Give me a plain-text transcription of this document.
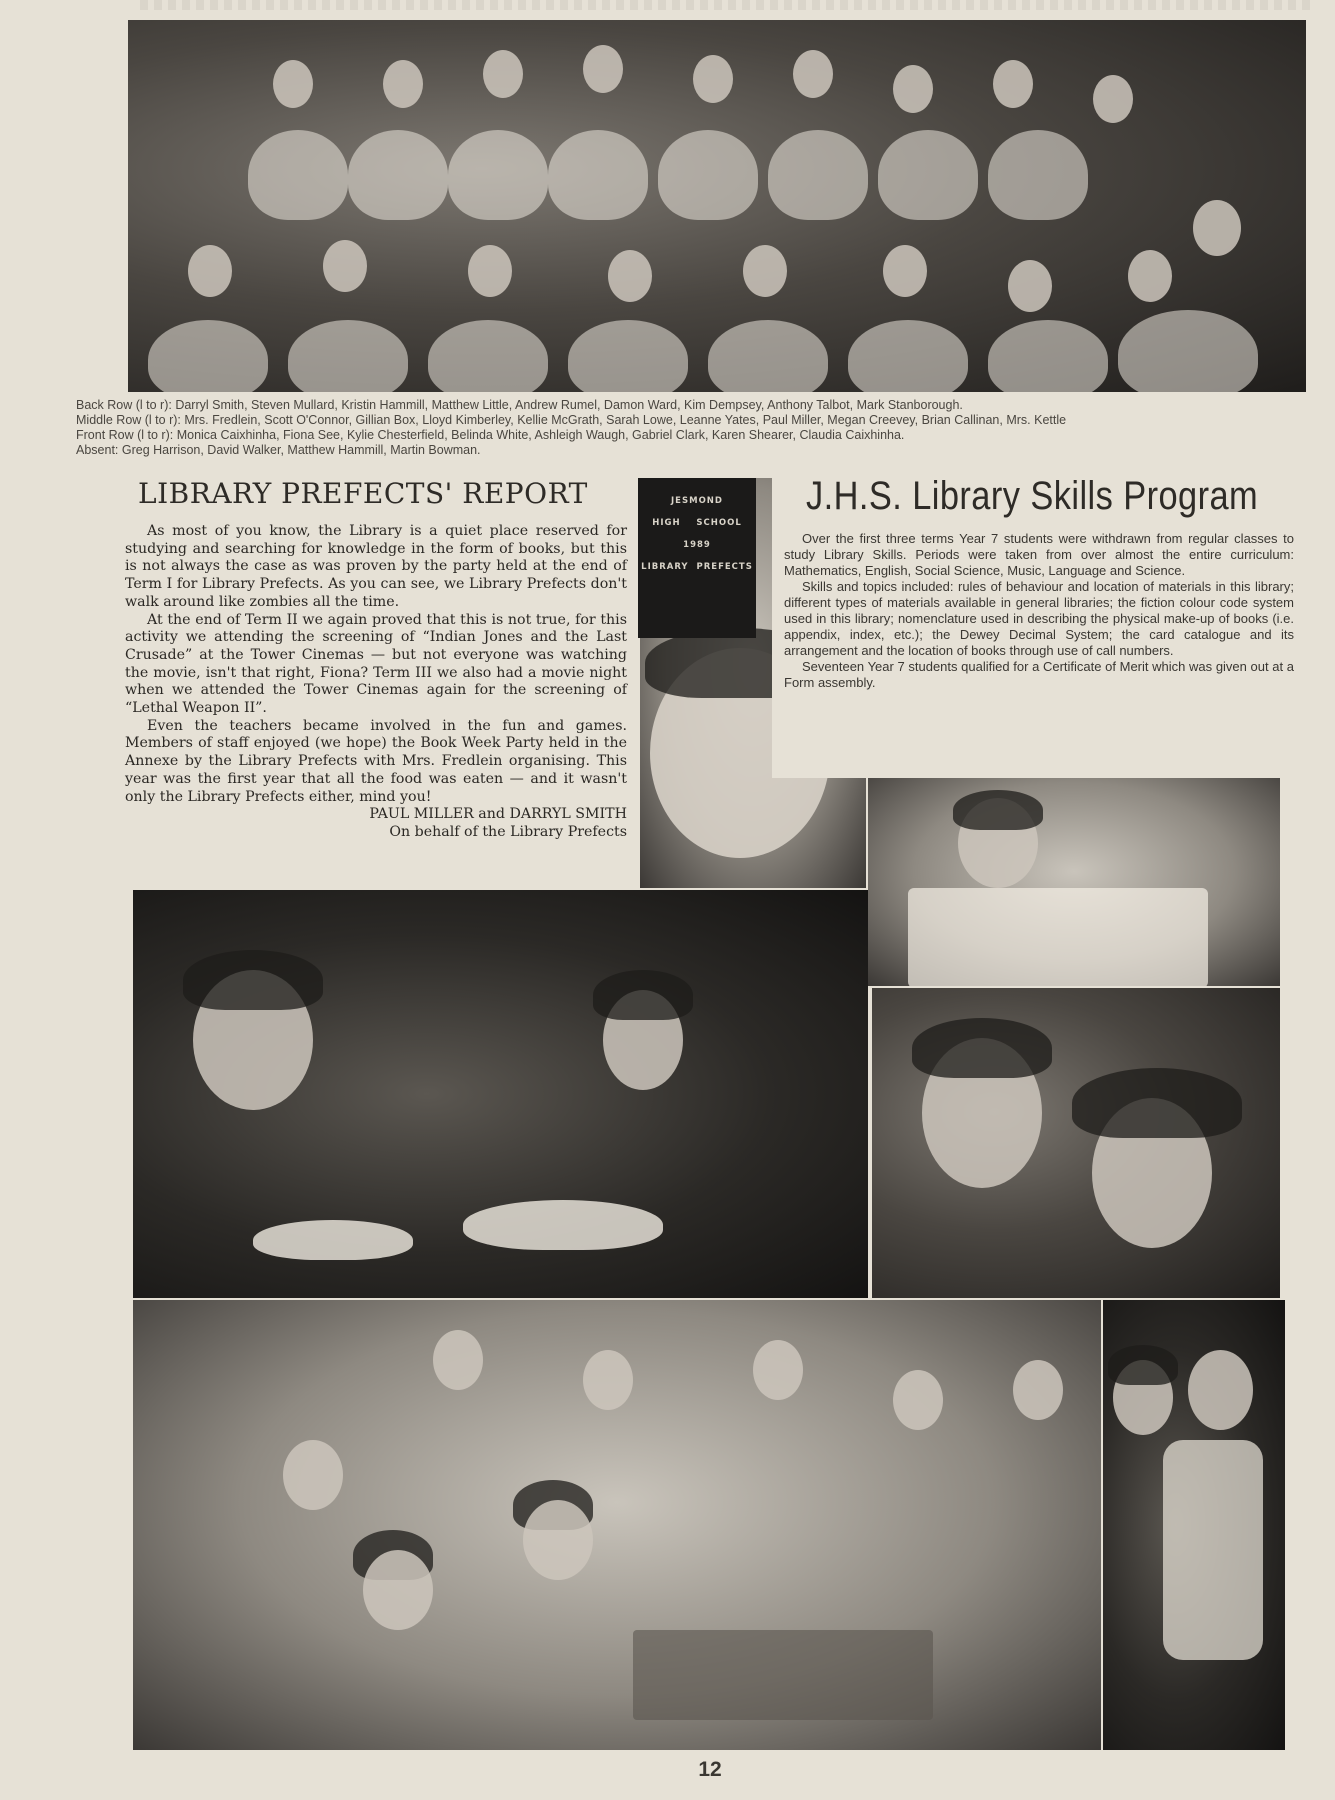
Back Row (l to r): Darryl Smith, Steven Mullard, Kristin Hammill, Matthew Little, Andrew Rumel, Damon Ward, Kim Dempsey, Anthony Talbot, Mark Stanborough.
Middle Row (l to r): Mrs. Fredlein, Scott O'Connor, Gillian Box, Lloyd Kimberley, Kellie McGrath, Sarah Lowe, Leanne Yates, Paul Miller, Megan Creevey, Brian Callinan, Mrs. Kettle
Front Row (l to r): Monica Caixhinha, Fiona See, Kylie Chesterfield, Belinda White, Ashleigh Waugh, Gabriel Clark, Karen Shearer, Claudia Caixhinha.
Absent: Greg Harrison, David Walker, Matthew Hammill, Martin Bowman.
LIBRARY PREFECTS' REPORT

As most of you know, the Library is a quiet place reserved for studying and searching for knowledge in the form of books, but this is not always the case as was proven by the party held at the end of Term I for Library Prefects. As you can see, we Library Prefects don't walk around like zombies all the time.

At the end of Term II we again proved that this is not true, for this activity we attending the screening of “Indian Jones and the Last Crusade” at the Tower Cinemas — but not everyone was watching the movie, isn't that right, Fiona? Term III we also had a movie night when we attended the Tower Cinemas again for the screening of “Lethal Weapon II”.

Even the teachers became involved in the fun and games. Members of staff enjoyed (we hope) the Book Week Party held in the Annexe by the Library Prefects with Mrs. Fredlein organising. This year was the first year that all the food was eaten — and it wasn't only the Library Prefects either, mind you!

PAUL MILLER and DARRYL SMITH

On behalf of the Library Prefects

JESMOND
HIGH    SCHOOL
1989
LIBRARY  PREFECTS
J.H.S. Library Skills Program

Over the first three terms Year 7 students were withdrawn from regular classes to study Library Skills. Periods were taken from over almost the entire curriculum: Mathematics, English, Social Science, Music, Language and Science.

Skills and topics included: rules of behaviour and location of materials in this library; different types of materials available in general libraries; the fiction colour code system used in this library; nomenclature used in describing the physical make-up of books (i.e. appendix, index, etc.); the Dewey Decimal System; the card catalogue and its arrangement and the location of books through use of call numbers.

Seventeen Year 7 students qualified for a Certificate of Merit which was given out at a Form assembly.

12
